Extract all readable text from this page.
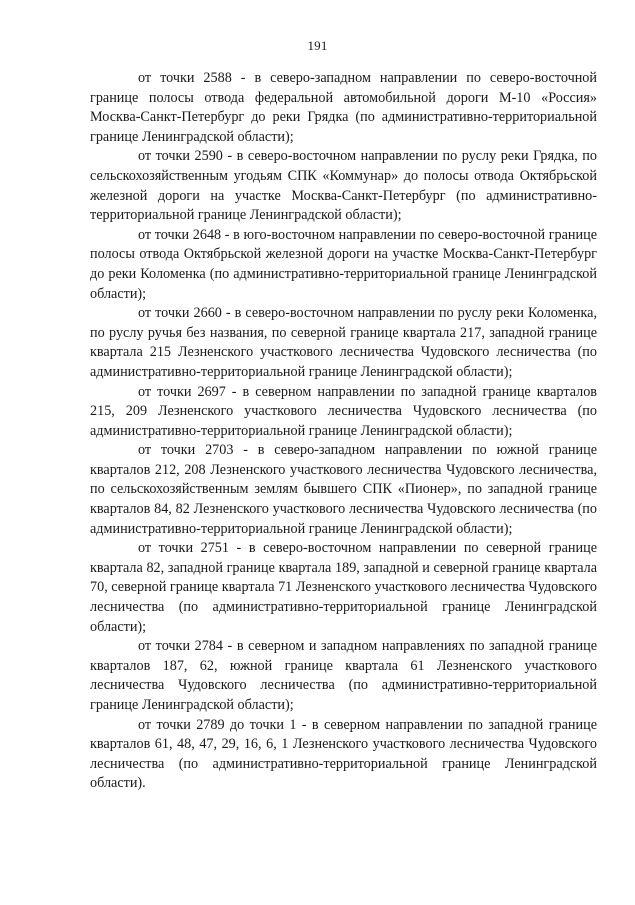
191

от точки 2588 - в северо-западном направлении по северо-восточной границе полосы отвода федеральной автомобильной дороги М-10 «Россия» Москва-Санкт-Петербург до реки Грядка (по административно-территориальной границе Ленинградской области);

от точки 2590 - в северо-восточном направлении по руслу реки Грядка, по сельскохозяйственным угодьям СПК «Коммунар» до полосы отвода Октябрьской железной дороги на участке Москва-Санкт-Петербург (по административно-территориальной границе Ленинградской области);

от точки 2648 - в юго-восточном направлении по северо-восточной границе полосы отвода Октябрьской железной дороги на участке Москва-Санкт-Петербург до реки Коломенка (по административно-территориальной границе Ленинградской области);

от точки 2660 - в северо-восточном направлении по руслу реки Коломенка, по руслу ручья без названия, по северной границе квартала 217, западной границе квартала 215 Лезненского участкового лесничества Чудовского лесничества (по административно-территориальной границе Ленинградской области);

от точки 2697 - в северном направлении по западной границе кварталов 215, 209 Лезненского участкового лесничества Чудовского лесничества (по административно-территориальной границе Ленинградской области);

от точки 2703 - в северо-западном направлении по южной границе кварталов 212, 208 Лезненского участкового лесничества Чудовского лесничества, по сельскохозяйственным землям бывшего СПК «Пионер», по западной границе кварталов 84, 82 Лезненского участкового лесничества Чудовского лесничества (по административно-территориальной границе Ленинградской области);

от точки 2751 - в северо-восточном направлении по северной границе квартала 82, западной границе квартала 189, западной и северной границе квартала 70, северной границе квартала 71 Лезненского участкового лесничества Чудовского лесничества (по административно-территориальной границе Ленинградской области);

от точки 2784 - в северном и западном направлениях по западной границе кварталов 187, 62, южной границе квартала 61 Лезненского участкового лесничества Чудовского лесничества (по административно-территориальной границе Ленинградской области);

от точки 2789 до точки 1 - в северном направлении по западной границе кварталов 61, 48, 47, 29, 16, 6, 1 Лезненского участкового лесничества Чудовского лесничества (по административно-территориальной границе Ленинградской области).
